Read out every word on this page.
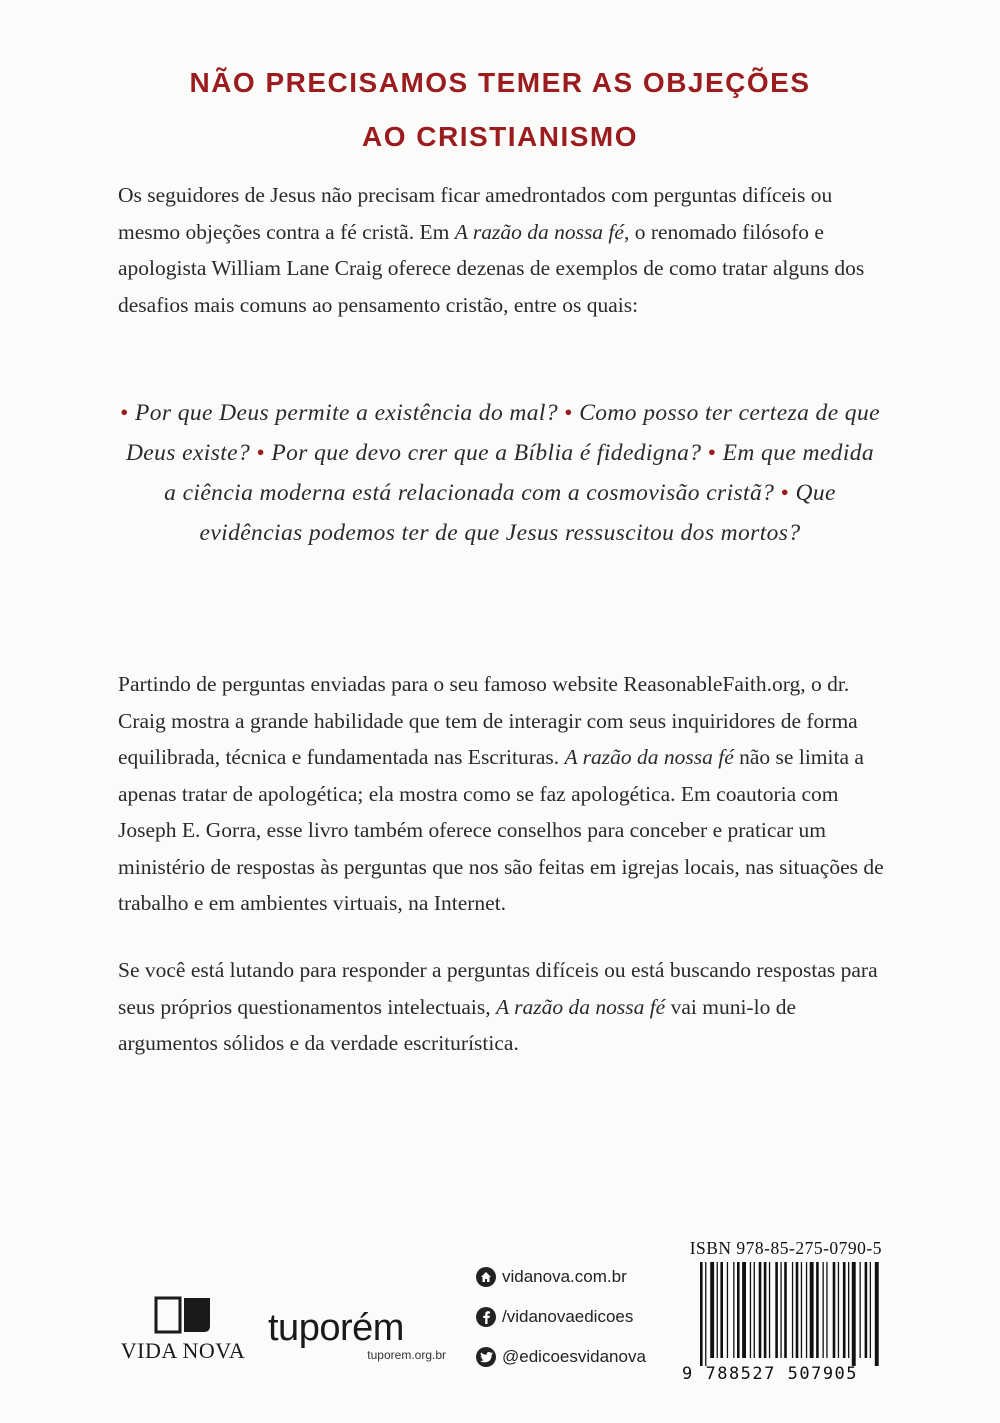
NÃO PRECISAMOS TEMER AS OBJEÇÕES
AO CRISTIANISMO

Os seguidores de Jesus não precisam ficar amedrontados com perguntas difíceis ou mesmo objeções contra a fé cristã. Em A razão da nossa fé, o renomado filósofo e apologista William Lane Craig oferece dezenas de exemplos de como tratar alguns dos desafios mais comuns ao pensamento cristão, entre os quais:

• Por que Deus permite a existência do mal? • Como posso ter certeza de que Deus existe? • Por que devo crer que a Bíblia é fidedigna? • Em que medida a ciência moderna está relacionada com a cosmovisão cristã? • Que evidências podemos ter de que Jesus ressuscitou dos mortos?

Partindo de perguntas enviadas para o seu famoso website ReasonableFaith.org, o dr. Craig mostra a grande habilidade que tem de interagir com seus inquiridores de forma equilibrada, técnica e fundamentada nas Escrituras. A razão da nossa fé não se limita a apenas tratar de apologética; ela mostra como se faz apologética. Em coautoria com Joseph E. Gorra, esse livro também oferece conselhos para conceber e praticar um ministério de respostas às perguntas que nos são feitas em igrejas locais, nas situações de trabalho e em ambientes virtuais, na Internet.

Se você está lutando para responder a perguntas difíceis ou está buscando respostas para seus próprios questionamentos intelectuais, A razão da nossa fé vai muni-lo de argumentos sólidos e da verdade escriturística.

VIDA NOVA
tuporém
tuporem.org.br
vidanova.com.br
/vidanovaedicoes
@edicoesvidanova
ISBN 978-85-275-0790-5
9 788527 507905
